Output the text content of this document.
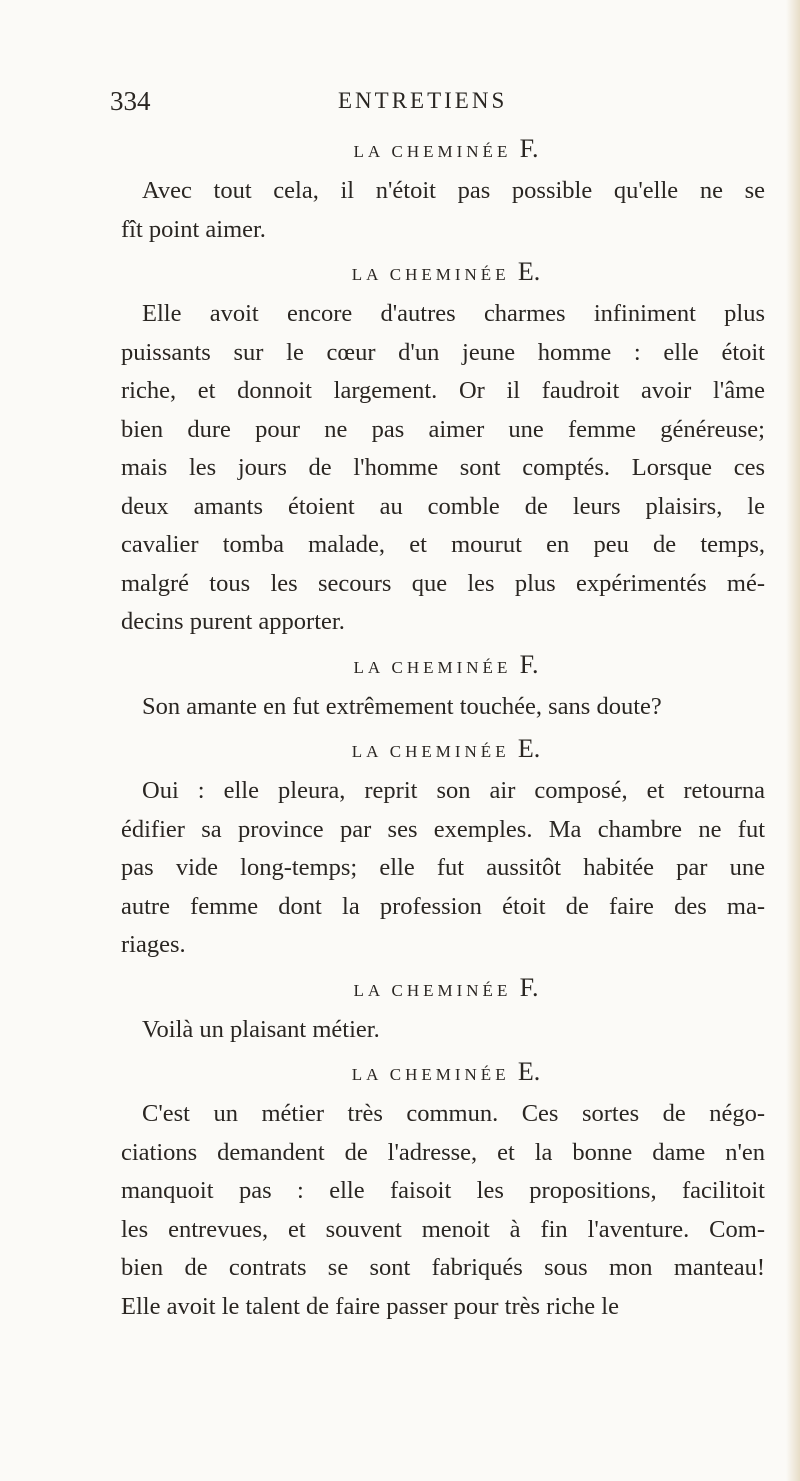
334	ENTRETIENS
LA CHEMINÉE F.

Avec tout cela, il n'étoit pas possible qu'elle ne se

fît point aimer.

LA CHEMINÉE E.

Elle avoit encore d'autres charmes infiniment plus

puissants sur le cœur d'un jeune homme : elle étoit

riche, et donnoit largement. Or il faudroit avoir l'âme

bien dure pour ne pas aimer une femme généreuse;

mais les jours de l'homme sont comptés. Lorsque ces

deux amants étoient au comble de leurs plaisirs, le

cavalier tomba malade, et mourut en peu de temps,

malgré tous les secours que les plus expérimentés mé-

decins purent apporter.

LA CHEMINÉE F.

Son amante en fut extrêmement touchée, sans doute?

LA CHEMINÉE E.

Oui : elle pleura, reprit son air composé, et retourna

édifier sa province par ses exemples. Ma chambre ne fut

pas vide long-temps; elle fut aussitôt habitée par une

autre femme dont la profession étoit de faire des ma-

riages.

LA CHEMINÉE F.

Voilà un plaisant métier.

LA CHEMINÉE E.

C'est un métier très commun. Ces sortes de négo-

ciations demandent de l'adresse, et la bonne dame n'en

manquoit pas : elle faisoit les propositions, facilitoit

les entrevues, et souvent menoit à fin l'aventure. Com-

bien de contrats se sont fabriqués sous mon manteau!

Elle avoit le talent de faire passer pour très riche le
